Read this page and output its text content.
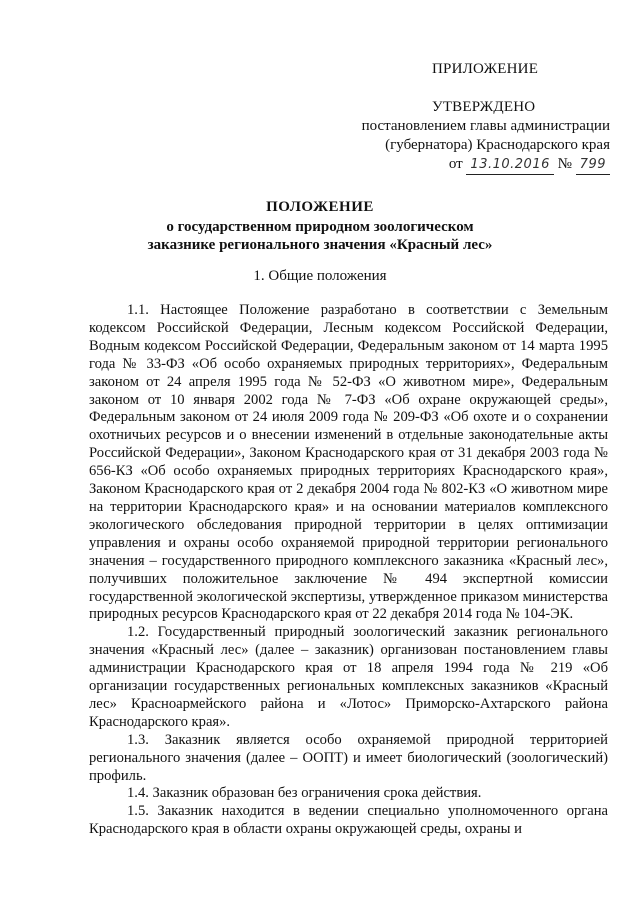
ПРИЛОЖЕНИЕ
УТВЕРЖДЕНО
постановлением главы администрации
(губернатора) Краснодарского края
от 13.10.2016 № 799
ПОЛОЖЕНИЕ
о государственном природном зоологическом
заказнике регионального значения «Красный лес»
1. Общие положения

1.1. Настоящее Положение разработано в соответствии с Земельным кодексом Российской Федерации, Лесным кодексом Российской Федерации, Водным кодексом Российской Федерации, Федеральным законом от 14 марта 1995 года № 33-ФЗ «Об особо охраняемых природных территориях», Федеральным законом от 24 апреля 1995 года № 52-ФЗ «О животном мире», Федеральным законом от 10 января 2002 года № 7-ФЗ «Об охране окружающей среды», Федеральным законом от 24 июля 2009 года № 209-ФЗ «Об охоте и о сохранении охотничьих ресурсов и о внесении изменений в отдельные законодательные акты Российской Федерации», Законом Краснодарского края от 31 декабря 2003 года № 656-КЗ «Об особо охраняемых природных территориях Краснодарского края», Законом Краснодарского края от 2 декабря 2004 года № 802-КЗ «О животном мире на территории Краснодарского края» и на основании материалов комплексного экологического обследования природной территории в целях оптимизации управления и охраны особо охраняемой природной территории регионального значения – государственного природного комплексного заказника «Красный лес», получивших положительное заключение № 494 экспертной комиссии государственной экологической экспертизы, утвержденное приказом министерства природных ресурсов Краснодарского края от 22 декабря 2014 года № 104-ЭК.

1.2. Государственный природный зоологический заказник регионального значения «Красный лес» (далее – заказник) организован постановлением главы администрации Краснодарского края от 18 апреля 1994 года № 219 «Об организации государственных региональных комплексных заказников «Красный лес» Красноармейского района и «Лотос» Приморско-Ахтарского района Краснодарского края».

1.3. Заказник является особо охраняемой природной территорией регионального значения (далее – ООПТ) и имеет биологический (зоологический) профиль.

1.4. Заказник образован без ограничения срока действия.

1.5. Заказник находится в ведении специально уполномоченного органа Краснодарского края в области охраны окружающей среды, охраны и
